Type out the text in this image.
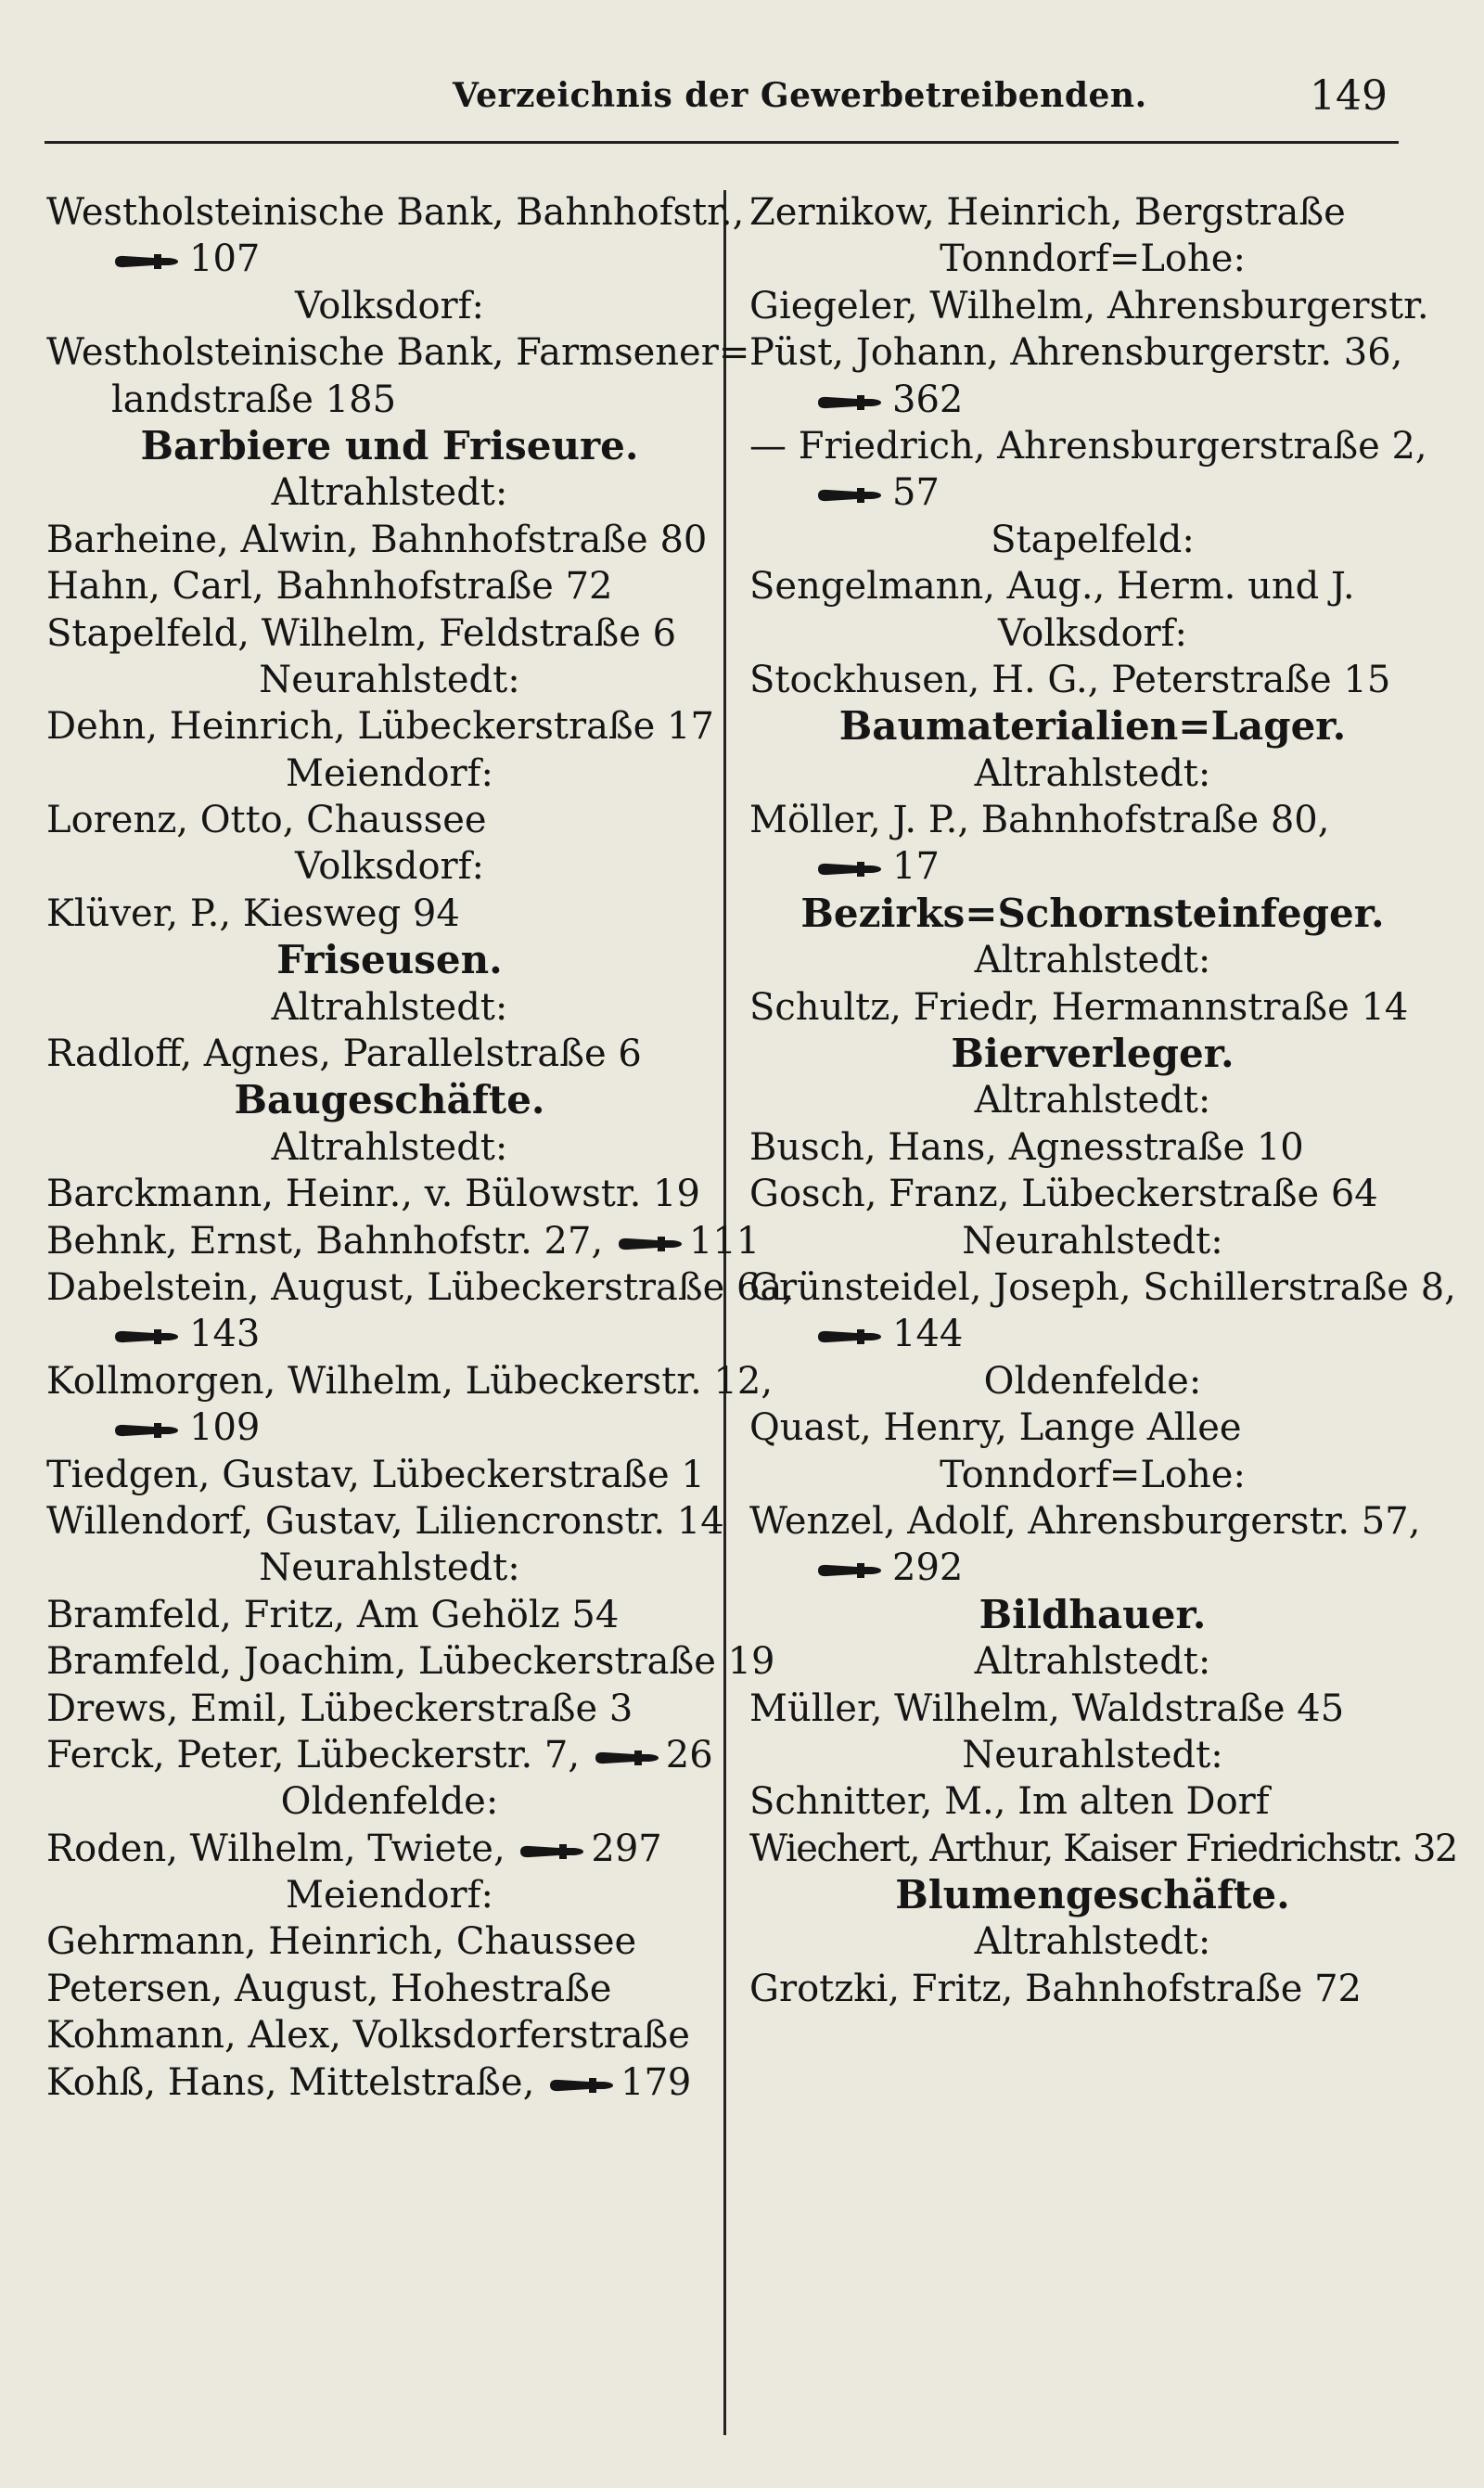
Verzeichnis der Gewerbetreibenden.	149
Westholsteinische Bank, Bahnhofstr.,
107
Volksdorf:
Westholsteinische Bank, Farmsener=
landstraße 185
Barbiere und Friseure.
Altrahlstedt:
Barheine, Alwin, Bahnhofstraße 80
Hahn, Carl, Bahnhofstraße 72
Stapelfeld, Wilhelm, Feldstraße 6
Neurahlstedt:
Dehn, Heinrich, Lübeckerstraße 17
Meiendorf:
Lorenz, Otto, Chaussee
Volksdorf:
Klüver, P., Kiesweg 94
Friseusen.
Altrahlstedt:
Radloff, Agnes, Parallelstraße 6
Baugeschäfte.
Altrahlstedt:
Barckmann, Heinr., v. Bülowstr. 19
Behnk, Ernst, Bahnhofstr. 27, 111
Dabelstein, August, Lübeckerstraße 6a,
143
Kollmorgen, Wilhelm, Lübeckerstr. 12,
109
Tiedgen, Gustav, Lübeckerstraße 1
Willendorf, Gustav, Liliencronstr. 14
Neurahlstedt:
Bramfeld, Fritz, Am Gehölz 54
Bramfeld, Joachim, Lübeckerstraße 19
Drews, Emil, Lübeckerstraße 3
Ferck, Peter, Lübeckerstr. 7, 26
Oldenfelde:
Roden, Wilhelm, Twiete, 297
Meiendorf:
Gehrmann, Heinrich, Chaussee
Petersen, August, Hohestraße
Kohmann, Alex, Volksdorferstraße
Kohß, Hans, Mittelstraße, 179
Zernikow, Heinrich, Bergstraße
Tonndorf=Lohe:
Giegeler, Wilhelm, Ahrensburgerstr.
Püst, Johann, Ahrensburgerstr. 36,
362
— Friedrich, Ahrensburgerstraße 2,
57
Stapelfeld:
Sengelmann, Aug., Herm. und J.
Volksdorf:
Stockhusen, H. G., Peterstraße 15
Baumaterialien=Lager.
Altrahlstedt:
Möller, J. P., Bahnhofstraße 80,
17
Bezirks=Schornsteinfeger.
Altrahlstedt:
Schultz, Friedr, Hermannstraße 14
Bierverleger.
Altrahlstedt:
Busch, Hans, Agnesstraße 10
Gosch, Franz, Lübeckerstraße 64
Neurahlstedt:
Grünsteidel, Joseph, Schillerstraße 8,
144
Oldenfelde:
Quast, Henry, Lange Allee
Tonndorf=Lohe:
Wenzel, Adolf, Ahrensburgerstr. 57,
292
Bildhauer.
Altrahlstedt:
Müller, Wilhelm, Waldstraße 45
Neurahlstedt:
Schnitter, M., Im alten Dorf
Wiechert, Arthur, Kaiser Friedrichstr. 32
Blumengeschäfte.
Altrahlstedt:
Grotzki, Fritz, Bahnhofstraße 72
